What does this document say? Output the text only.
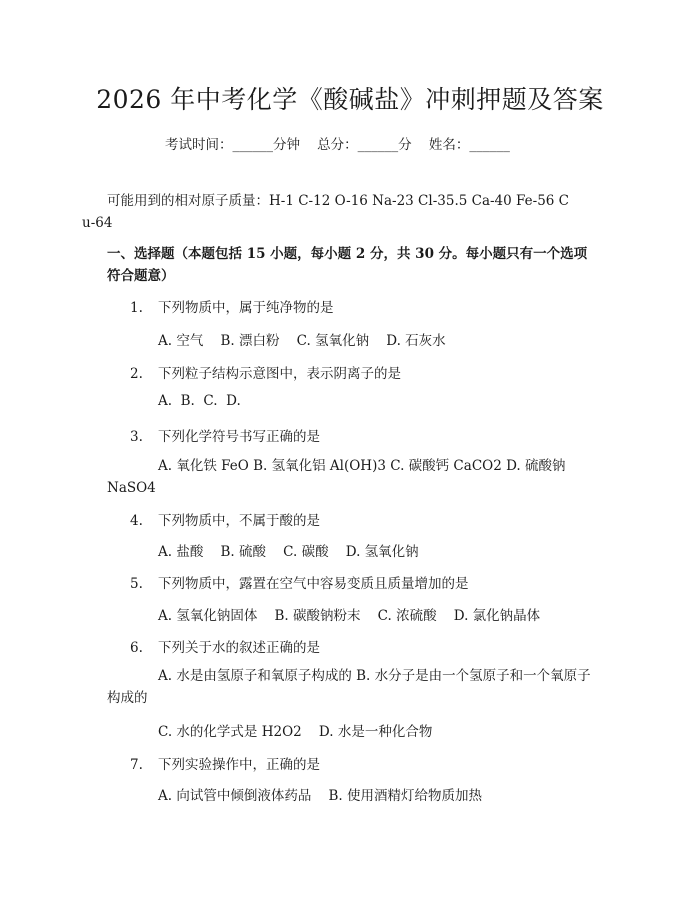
2026 年中考化学《酸碱盐》冲刺押题及答案
考试时间：______分钟    总分：______分    姓名：______
可能用到的相对原子质量：H-1 C-12 O-16 Na-23 Cl-35.5 Ca-40 Fe-56 Cu-64
一、选择题（本题包括 15 小题，每小题 2 分，共 30 分。每小题只有一个选项符合题意）
1. 下列物质中，属于纯净物的是
A. 空气    B. 漂白粉    C. 氢氧化钠    D. 石灰水
2. 下列粒子结构示意图中，表示阴离子的是
A.  B.  C.  D.
3. 下列化学符号书写正确的是
A. 氧化铁 FeO B. 氢氧化铝 Al(OH)3 C. 碳酸钙 CaCO2 D. 硫酸钠 NaSO4
4. 下列物质中，不属于酸的是
A. 盐酸    B. 硫酸    C. 碳酸    D. 氢氧化钠
5. 下列物质中，露置在空气中容易变质且质量增加的是
A. 氢氧化钠固体    B. 碳酸钠粉末    C. 浓硫酸    D. 氯化钠晶体
6. 下列关于水的叙述正确的是
A. 水是由氢原子和氧原子构成的 B. 水分子是由一个氢原子和一个氧原子构成的
C. 水的化学式是 H2O2    D. 水是一种化合物
7. 下列实验操作中，正确的是
A. 向试管中倾倒液体药品    B. 使用酒精灯给物质加热
